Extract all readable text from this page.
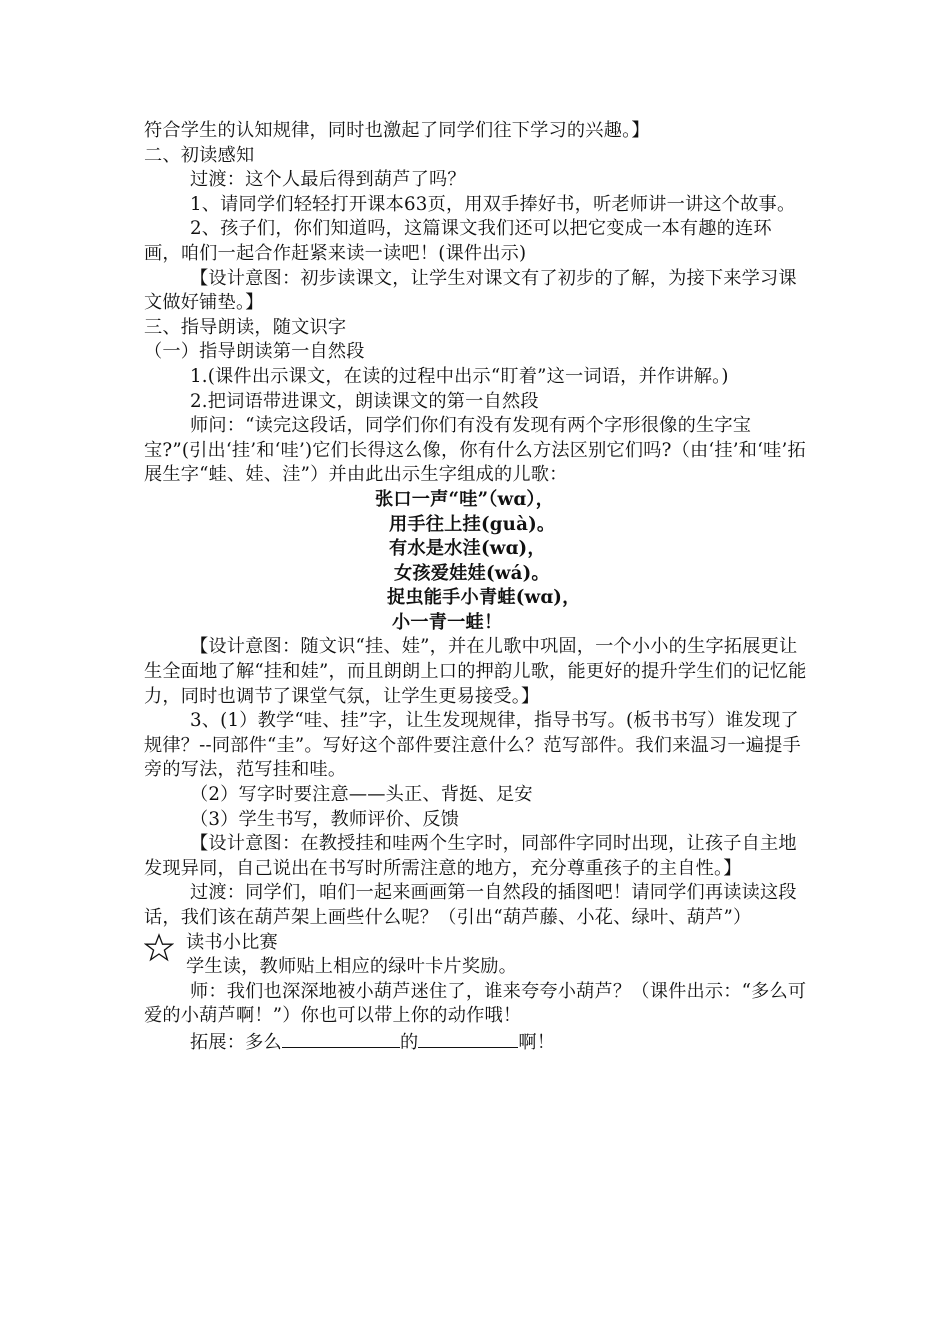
符合学生的认知规律，同时也激起了同学们往下学习的兴趣。】

二、初读感知

过渡：这个人最后得到葫芦了吗？

1、请同学们轻轻打开课本63页，用双手捧好书，听老师讲一讲这个故事。

2、孩子们，你们知道吗，这篇课文我们还可以把它变成一本有趣的连环画，咱们一起合作赶紧来读一读吧！(课件出示)

【设计意图：初步读课文，让学生对课文有了初步的了解，为接下来学习课文做好铺垫。】

三、指导朗读，随文识字

（一）指导朗读第一自然段

1.(课件出示课文，在读的过程中出示“盯着”这一词语，并作讲解。)

2.把词语带进课文，朗读课文的第一自然段

师问：“读完这段话，同学们你们有没有发现有两个字形很像的生字宝宝?”(引出‘挂’和‘哇’)它们长得这么像，你有什么方法区别它们吗?（由‘挂’和‘哇’拓展生字“蛙、娃、洼”）并由此出示生字组成的儿歌：

张口一声“哇”（wɑ），

用手往上挂(guà)。

有水是水洼(wɑ)，

女孩爱娃娃(wá)。

捉虫能手小青蛙(wɑ)，

小一青一蛙！

【设计意图：随文识“挂、娃”，并在儿歌中巩固，一个小小的生字拓展更让生全面地了解“挂和娃”，而且朗朗上口的押韵儿歌，能更好的提升学生们的记忆能力，同时也调节了课堂气氛，让学生更易接受。】

3、(1）教学“哇、挂”字，让生发现规律，指导书写。(板书书写）谁发现了规律？--同部件“圭”。写好这个部件要注意什么？范写部件。我们来温习一遍提手旁的写法，范写挂和哇。

（2）写字时要注意——头正、背挺、足安

（3）学生书写，教师评价、反馈

【设计意图：在教授挂和哇两个生字时，同部件字同时出现，让孩子自主地发现异同，自己说出在书写时所需注意的地方，充分尊重孩子的主自性。】

过渡：同学们，咱们一起来画画第一自然段的插图吧！请同学们再读读这段话，我们该在葫芦架上画些什么呢？（引出“葫芦藤、小花、绿叶、葫芦”）

读书小比赛

学生读，教师贴上相应的绿叶卡片奖励。

师：我们也深深地被小葫芦迷住了，谁来夸夸小葫芦？（课件出示：“多么可爱的小葫芦啊！”）你也可以带上你的动作哦！

拓展：多么	的	啊！
